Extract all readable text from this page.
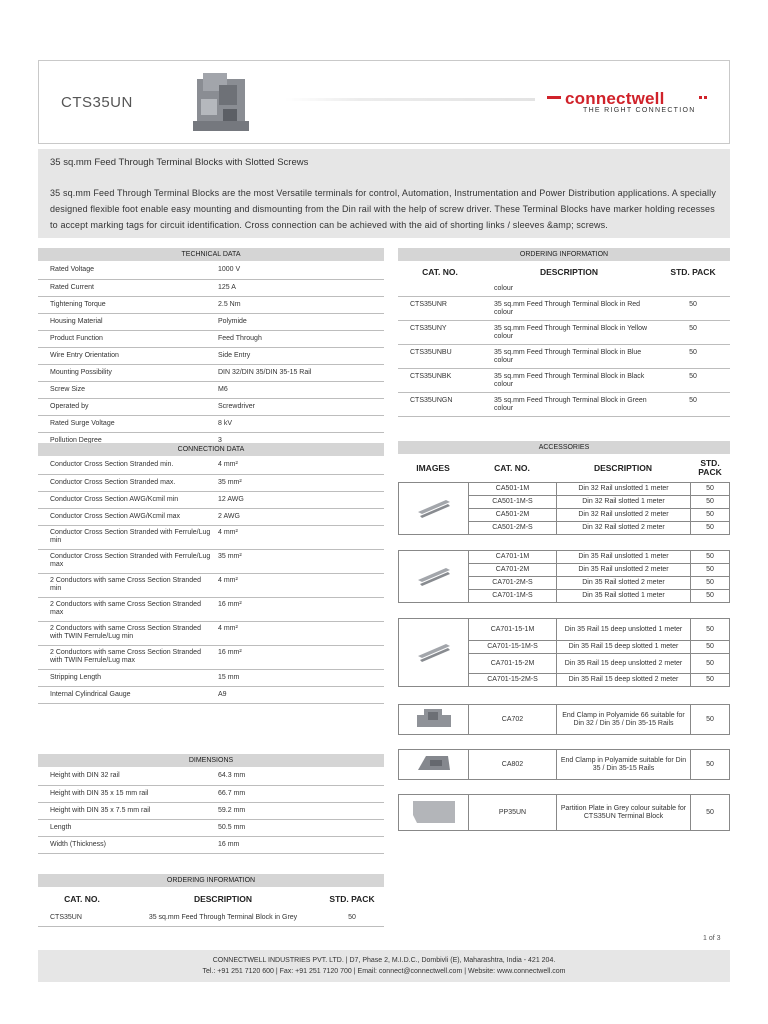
CTS35UN	connectwell
THE RIGHT CONNECTION
35 sq.mm Feed Through Terminal Blocks with Slotted Screws
35 sq.mm Feed Through Terminal Blocks are the most Versatile terminals for control, Automation, Instrumentation and Power Distribution applications. A specially designed flexible foot enable easy mounting and dismounting from the Din rail with the help of screw driver. These Terminal Blocks have marker holding recesses to accept marking tags for circuit identification. Cross connection can be achieved with the aid of shorting links / sleeves &amp; screws.
TECHNICAL DATA
Rated Voltage	1000 V
Rated Current	125 A
Tightening Torque	2.5 Nm
Housing Material	Polymide
Product Function	Feed Through
Wire Entry Orientation	Side Entry
Mounting Possibility	DIN 32/DIN 35/DIN 35-15 Rail
Screw Size	M6
Operated by	Screwdriver
Rated Surge Voltage	8 kV
Pollution Degree	3
CONNECTION DATA
Conductor Cross Section Stranded min.	4 mm²
Conductor Cross Section Stranded max.	35 mm²
Conductor Cross Section AWG/Kcmil min	12 AWG
Conductor Cross Section AWG/Kcmil max	2 AWG
Conductor Cross Section Stranded with Ferrule/Lug min	4 mm²
Conductor Cross Section Stranded with Ferrule/Lug max	35 mm²
2 Conductors with same Cross Section Stranded min	4 mm²
2 Conductors with same Cross Section Stranded max	16 mm²
2 Conductors with same Cross Section Stranded with TWIN Ferrule/Lug min	4 mm²
2 Conductors with same Cross Section Stranded with TWIN Ferrule/Lug max	16 mm²
Stripping Length	15 mm
Internal Cylindrical Gauge	A9
DIMENSIONS
Height with DIN 32 rail	64.3 mm
Height with DIN 35 x 15 mm rail	66.7 mm
Height with DIN 35 x 7.5 mm rail	59.2 mm
Length	50.5 mm
Width (Thickness)	16 mm
ORDERING INFORMATION
CAT. NO.	DESCRIPTION	STD. PACK
CTS35UN	35 sq.mm Feed Through Terminal Block in Grey	50
ORDERING INFORMATION
CAT. NO.	DESCRIPTION	STD. PACK
	colour	
CTS35UNR	35 sq.mm Feed Through Terminal Block in Red colour	50
CTS35UNY	35 sq.mm Feed Through Terminal Block in Yellow colour	50
CTS35UNBU	35 sq.mm Feed Through Terminal Block in Blue colour	50
CTS35UNBK	35 sq.mm Feed Through Terminal Block in Black colour	50
CTS35UNGN	35 sq.mm Feed Through Terminal Block in Green colour	50
ACCESSORIES
IMAGES	CAT. NO.	DESCRIPTION	STD. PACK
	CA501-1M	Din 32 Rail unslotted 1 meter	50
	CA501-1M-S	Din 32 Rail slotted 1 meter	50
	CA501-2M	Din 32 Rail unslotted 2 meter	50
	CA501-2M-S	Din 32 Rail slotted 2 meter	50
	CA701-1M	Din 35 Rail unslotted 1 meter	50
	CA701-2M	Din 35 Rail unslotted 2 meter	50
	CA701-2M-S	Din 35 Rail slotted 2 meter	50
	CA701-1M-S	Din 35 Rail slotted 1 meter	50
	CA701-15-1M	Din 35 Rail 15 deep unslotted 1 meter	50
	CA701-15-1M-S	Din 35 Rail 15 deep slotted 1 meter	50
	CA701-15-2M	Din 35 Rail 15 deep unslotted 2 meter	50
	CA701-15-2M-S	Din 35 Rail 15 deep slotted 2 meter	50
	CA702	End Clamp in Polyamide 66 suitable for Din 32 / Din 35 / Din 35-15 Rails	50
	CA802	End Clamp in Polyamide suitable for Din 35 / Din 35-15 Rails	50
	PP35UN	Partition Plate in Grey colour suitable for CTS35UN Terminal Block	50
1 of 3
CONNECTWELL INDUSTRIES PVT. LTD. | D7, Phase 2, M.I.D.C., Dombivli (E), Maharashtra, India - 421 204.
Tel.: +91 251 7120 600 | Fax: +91 251 7120 700 | Email: connect@connectwell.com | Website: www.connectwell.com
